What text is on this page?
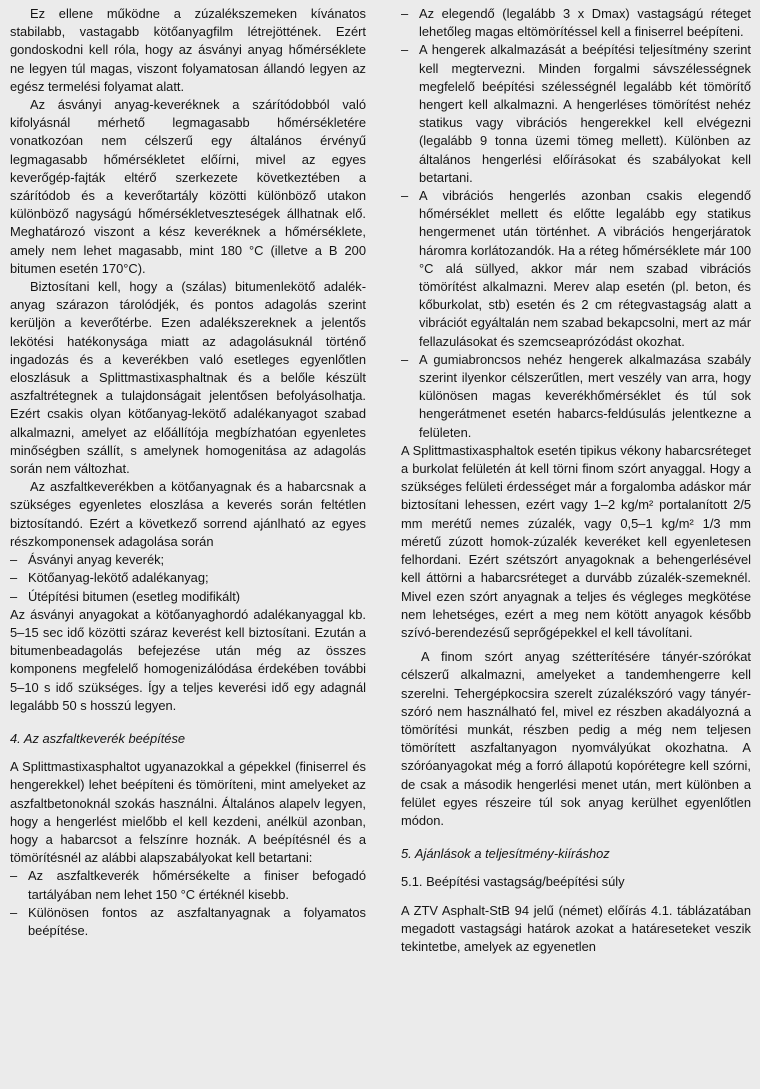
Ez ellene működne a zúzalékszemeken kívánatos stabilabb, vastagabb kötőanyagfilm létrejöttének. Ezért gondoskodni kell róla, hogy az ásványi anyag hőmérséklete ne legyen túl magas, viszont folyamatosan állandó legyen az egész termelési folyamat alatt.

Az ásványi anyag-keveréknek a szárítódobból való kifolyásnál mérhető legmagasabb hőmérsékletére vonatkozóan nem célszerű egy általános érvényű legmagasabb hőmérsékletet előírni, mivel az egyes keverőgép-fajták eltérő szerkezete következtében a szárítódob és a keverőtartály közötti különböző utakon különböző nagyságú hőmérsékletveszteségek állhatnak elő. Meghatározó viszont a kész keveréknek a hőmérséklete, amely nem lehet magasabb, mint 180 °C (illetve a B 200 bitumen esetén 170°C).

Biztosítani kell, hogy a (szálas) bitumenlekötő adalék-anyag szárazon tárolódjék, és pontos adagolás szerint kerüljön a keverőtérbe. Ezen adalékszereknek a jelentős lekötési hatékonysága miatt az adagolásuknál történő ingadozás és a keverékben való esetleges egyenlőtlen eloszlásuk a Splittmastixasphaltnak és a belőle készült aszfaltrétegnek a tulajdonságait jelentősen befolyásolhatja. Ezért csakis olyan kötőanyag-lekötő adalékanyagot szabad alkalmazni, amelyet az előállítója megbízhatóan egyenletes minőségben szállít, s amelynek homogenitása az adagolás során nem változhat.

Az aszfaltkeverékben a kötőanyagnak és a habarcsnak a szükséges egyenletes eloszlása a keverés során feltétlen biztosítandó. Ezért a következő sorrend ajánlható az egyes részkomponensek adagolása során

– Ásványi anyag keverék;
– Kötőanyag-lekötő adalékanyag;
– Útépítési bitumen (esetleg modifikált)

Az ásványi anyagokat a kötőanyaghordó adalékanyaggal kb. 5–15 sec idő közötti száraz keverést kell biztosítani. Ezután a bitumenbeadagolás befejezése után még az összes komponens megfelelő homogenizálódása érdekében további 5–10 s idő szükséges. Így a teljes keverési idő egy adagnál legalább 50 s hosszú legyen.

4. Az aszfaltkeverék beépítése

A Splittmastixasphaltot ugyanazokkal a gépekkel (finiserrel és hengerekkel) lehet beépíteni és tömöríteni, mint amelyeket az aszfaltbetonoknál szokás használni. Általános alapelv legyen, hogy a hengerlést mielőbb el kell kezdeni, anélkül azonban, hogy a habarcsot a felszínre hoznák. A beépítésnél és a tömörítésnél az alábbi alapszabályokat kell betartani:

– Az aszfaltkeverék hőmérsékelte a finiser befogadó tartályában nem lehet 150 °C értéknél kisebb.
– Különösen fontos az aszfaltanyagnak a folyamatos beépítése.
– Az elegendő (legalább 3 x Dmax) vastagságú réteget lehetőleg magas eltömörítéssel kell a finiserrel beépíteni.
– A hengerek alkalmazását a beépítési teljesítmény szerint kell megtervezni. Minden forgalmi sávszélességnek megfelelő beépítési szélességnél legalább két tömörítő hengert kell alkalmazni. A hengerléses tömörítést nehéz statikus vagy vibrációs hengerekkel kell elvégezni (legalább 9 tonna üzemi tömeg mellett). Különben az általános hengerlési előírásokat és szabályokat kell betartani.
– A vibrációs hengerlés azonban csakis elegendő hőmérséklet mellett és előtte legalább egy statikus hengermenet után történhet. A vibrációs hengerjáratok háromra korlátozandók. Ha a réteg hőmérséklete már 100 °C alá süllyed, akkor már nem szabad vibrációs tömörítést alkalmazni. Merev alap esetén (pl. beton, és kőburkolat, stb) esetén és 2 cm rétegvastagság alatt a vibrációt egyáltalán nem szabad bekapcsolni, mert az már fellazulásokat és szemcseaprózódást okozhat.
– A gumiabroncsos nehéz hengerek alkalmazása szabály szerint ilyenkor célszerűtlen, mert veszély van arra, hogy különösen magas keverékhőmérséklet és túl sok hengerátmenet esetén habarcs-feldúsulás jelentkezne a felületen.

A Splittmastixasphaltok esetén tipikus vékony habarcsréteget a burkolat felületén át kell törni finom szórt anyaggal. Hogy a szükséges felületi érdességet már a forgalomba adáskor már biztosítani lehessen, ezért vagy 1–2 kg/m² portalanított 2/5 mm merétű nemes zúzalék, vagy 0,5–1 kg/m² 1/3 mm méretű zúzott homok-zúzalék keveréket kell egyenletesen felhordani. Ezért szétszórt anyagoknak a behengerlésével kell áttörni a habarcsréteget a durvább zúzalék-szemeknél. Mivel ezen szórt anyagnak a teljes és végleges megkötése nem lehetséges, ezért a meg nem kötött anyagok később szívó-berendezésű seprőgépekkel el kell távolítani.

A finom szórt anyag szétterítésére tányér-szórókat célszerű alkalmazni, amelyeket a tandemhengerre kell szerelni. Tehergépkocsira szerelt zúzalékszóró vagy tányér-szóró nem használható fel, mivel ez részben akadályozná a tömörítési munkát, részben pedig a még nem teljesen tömörített aszfaltanyagon nyomvályúkat okozhatna. A szóróanyagokat még a forró állapotú kopórétegre kell szórni, de csak a második hengerlési menet után, mert különben a felület egyes részeire túl sok anyag kerülhet egyenlőtlen módon.

5. Ajánlások a teljesítmény-kiíráshoz
5.1. Beépítési vastagság/beépítési súly

A ZTV Asphalt-StB 94 jelű (német) előírás 4.1. táblázatában megadott vastagsági határok azokat a határeseteket veszik tekintetbe, amelyek az egyenetlen
